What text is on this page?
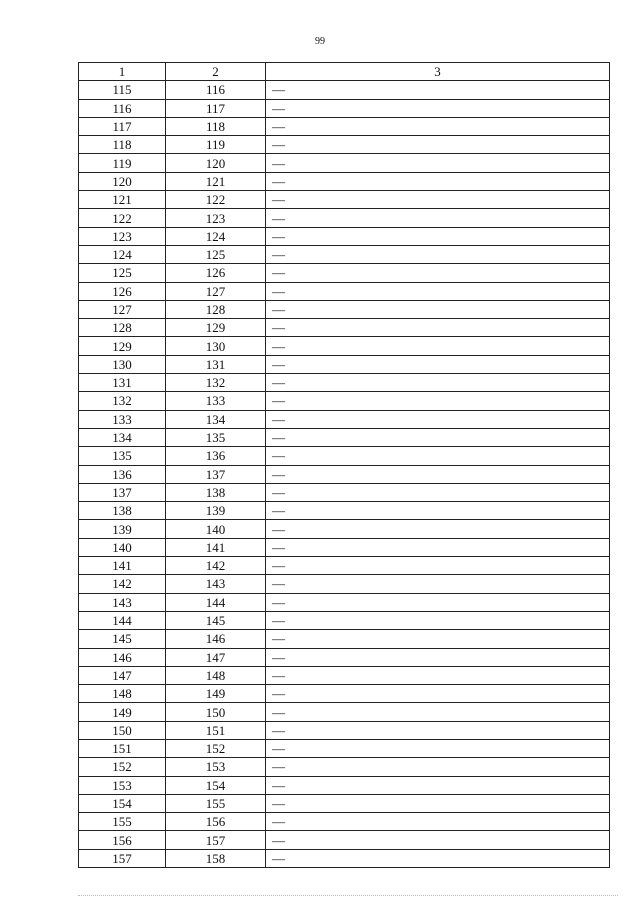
99
1	2	3
115	116	—
116	117	—
117	118	—
118	119	—
119	120	—
120	121	—
121	122	—
122	123	—
123	124	—
124	125	—
125	126	—
126	127	—
127	128	—
128	129	—
129	130	—
130	131	—
131	132	—
132	133	—
133	134	—
134	135	—
135	136	—
136	137	—
137	138	—
138	139	—
139	140	—
140	141	—
141	142	—
142	143	—
143	144	—
144	145	—
145	146	—
146	147	—
147	148	—
148	149	—
149	150	—
150	151	—
151	152	—
152	153	—
153	154	—
154	155	—
155	156	—
156	157	—
157	158	—
